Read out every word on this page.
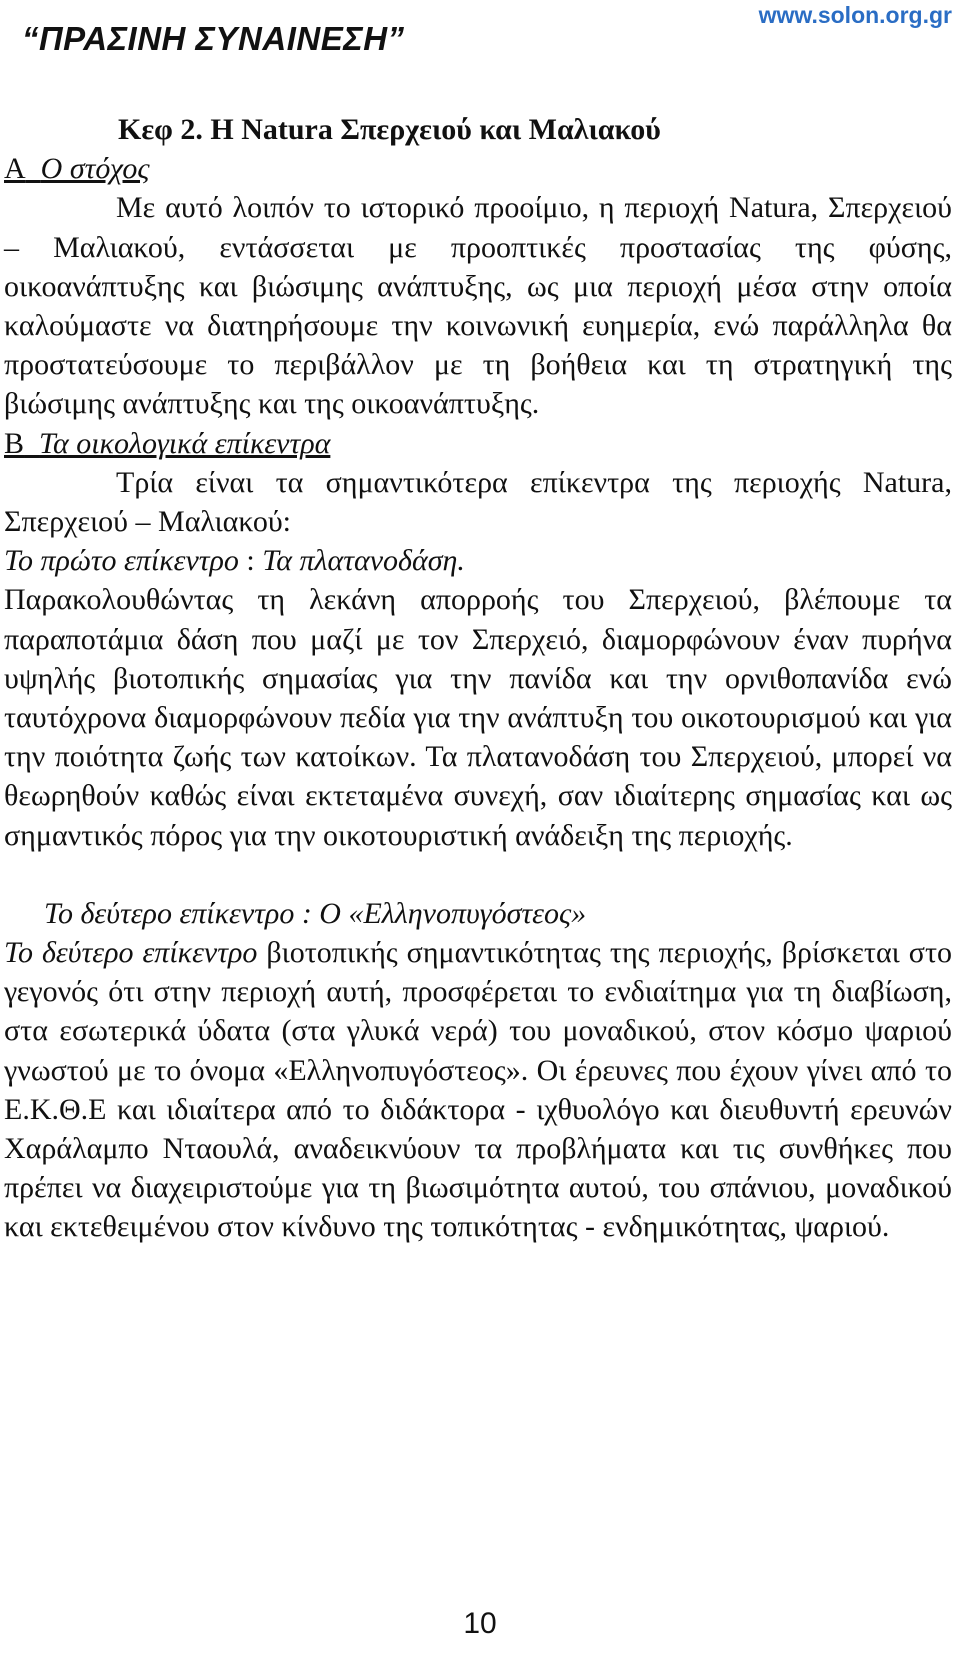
“ΠΡΑΣΙΝΗ ΣΥΝΑΙΝΕΣΗ”
www.solon.org.gr
Κεφ 2. Η Natura Σπερχειού και Μαλιακού
Α Ο στόχος

Με αυτό λοιπόν το ιστορικό προοίμιο, η περιοχή Natura, Σπερχειού – Μαλιακού, εντάσσεται με προοπτικές προστασίας της φύσης, οικοανάπτυξης και βιώσιμης ανάπτυξης, ως μια περιοχή μέσα στην οποία καλούμαστε να διατηρήσουμε την κοινωνική ευημερία, ενώ παράλληλα θα προστατεύσουμε το περιβάλλον με τη βοήθεια και τη στρατηγική της βιώσιμης ανάπτυξης και της οικοανάπτυξης.

Β Τα οικολογικά επίκεντρα

Τρία είναι τα σημαντικότερα επίκεντρα της περιοχής Natura, Σπερχειού – Μαλιακού:

Το πρώτο επίκεντρο : Τα πλατανοδάση.

Παρακολουθώντας τη λεκάνη απορροής του Σπερχειού, βλέπουμε τα παραποτάμια δάση που μαζί με τον Σπερχειό, διαμορφώνουν έναν πυρήνα υψηλής βιοτοπικής σημασίας για την πανίδα και την ορνιθοπανίδα ενώ ταυτόχρονα διαμορφώνουν πεδία για την ανάπτυξη του οικοτουρισμού και για την ποιότητα ζωής των κατοίκων. Τα πλατανοδάση του Σπερχειού, μπορεί να θεωρηθούν καθώς είναι εκτεταμένα συνεχή, σαν ιδιαίτερης σημασίας και ως σημαντικός πόρος για την οικοτουριστική ανάδειξη της περιοχής.

Το δεύτερο επίκεντρο : Ο «Ελληνοπυγόστεος»

Το δεύτερο επίκεντρο βιοτοπικής σημαντικότητας της περιοχής, βρίσκεται στο γεγονός ότι στην περιοχή αυτή, προσφέρεται το ενδιαίτημα για τη διαβίωση, στα εσωτερικά ύδατα (στα γλυκά νερά) του μοναδικού, στον κόσμο ψαριού γνωστού με το όνομα «Ελληνοπυγόστεος». Οι έρευνες που έχουν γίνει από το Ε.Κ.Θ.Ε και ιδιαίτερα από το διδάκτορα - ιχθυολόγο και διευθυντή ερευνών Χαράλαμπο Νταουλά, αναδεικνύουν τα προβλήματα και τις συνθήκες που πρέπει να διαχειριστούμε για τη βιωσιμότητα αυτού, του σπάνιου, μοναδικού και εκτεθειμένου στον κίνδυνο της τοπικότητας - ενδημικότητας, ψαριού.

10
